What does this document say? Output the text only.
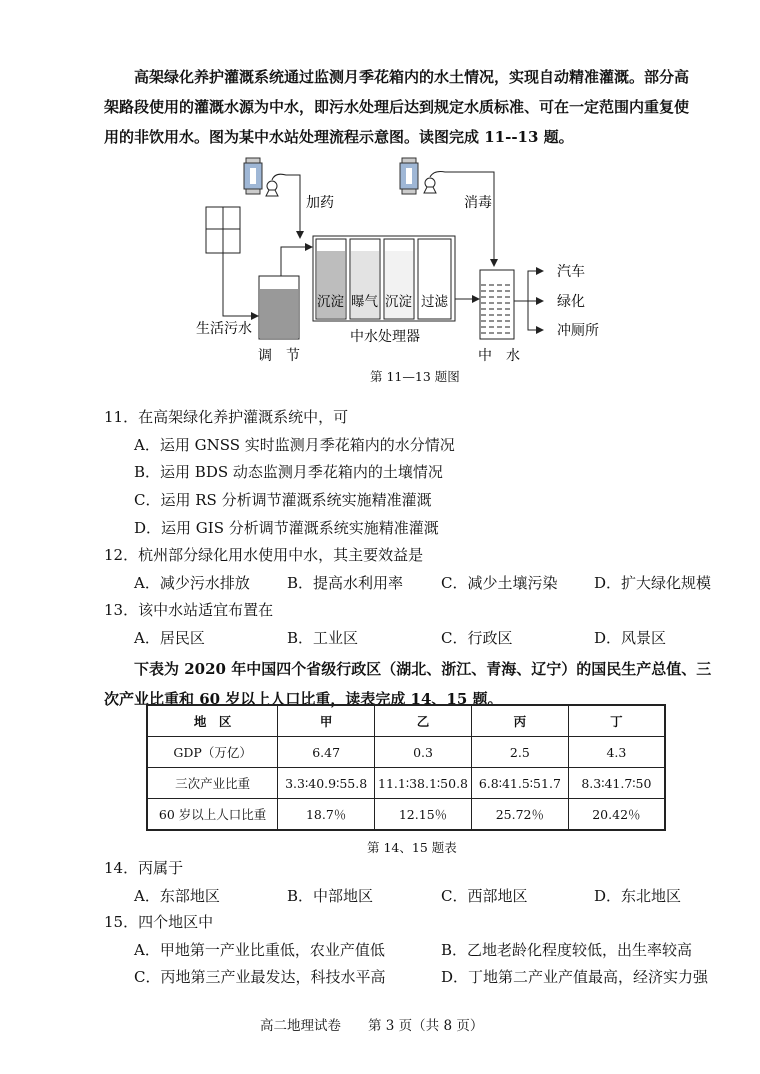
高架绿化养护灌溉系统通过监测月季花箱内的水土情况，实现自动精准灌溉。部分高
架路段使用的灌溉水源为中水，即污水处理后达到规定水质标准、可在一定范围内重复使
用的非饮用水。图为某中水站处理流程示意图。读图完成 11--13 题。
加药	消毒
生活污水
调　节
中水处理器
沉淀 曝气 沉淀 过滤
中　水
汽车
绿化
冲厕所
第 11—13 题图
11．在高架绿化养护灌溉系统中，可
A．运用 GNSS 实时监测月季花箱内的水分情况
B．运用 BDS 动态监测月季花箱内的土壤情况
C．运用 RS 分析调节灌溉系统实施精准灌溉
D．运用 GIS 分析调节灌溉系统实施精准灌溉
12．杭州部分绿化用水使用中水，其主要效益是
A．减少污水排放 B．提高水利用率	C．减少土壤污染 D．扩大绿化规模
13．该中水站适宜布置在
A．居民区	B．工业区	C．行政区	D．风景区
下表为 2020 年中国四个省级行政区（湖北、浙江、青海、辽宁）的国民生产总值、三
次产业比重和 60 岁以上人口比重，读表完成 14、15 题。
地　区	甲	乙	丙	丁
GDP（万亿）	6.47	0.3	2.5	4.3
三次产业比重	3.3∶40.9∶55.8	11.1∶38.1∶50.8	6.8∶41.5∶51.7	8.3∶41.7∶50
60 岁以上人口比重	18.7％	12.15％	25.72％	20.42％
第 14、15 题表
14．丙属于
A．东部地区	B．中部地区	C．西部地区	D．东北地区
15．四个地区中
A．甲地第一产业比重低，农业产值低	B．乙地老龄化程度较低，出生率较高
C．丙地第三产业最发达，科技水平高	D．丁地第二产业产值最高，经济实力强
高二地理试卷　　第 3 页（共 8 页）
